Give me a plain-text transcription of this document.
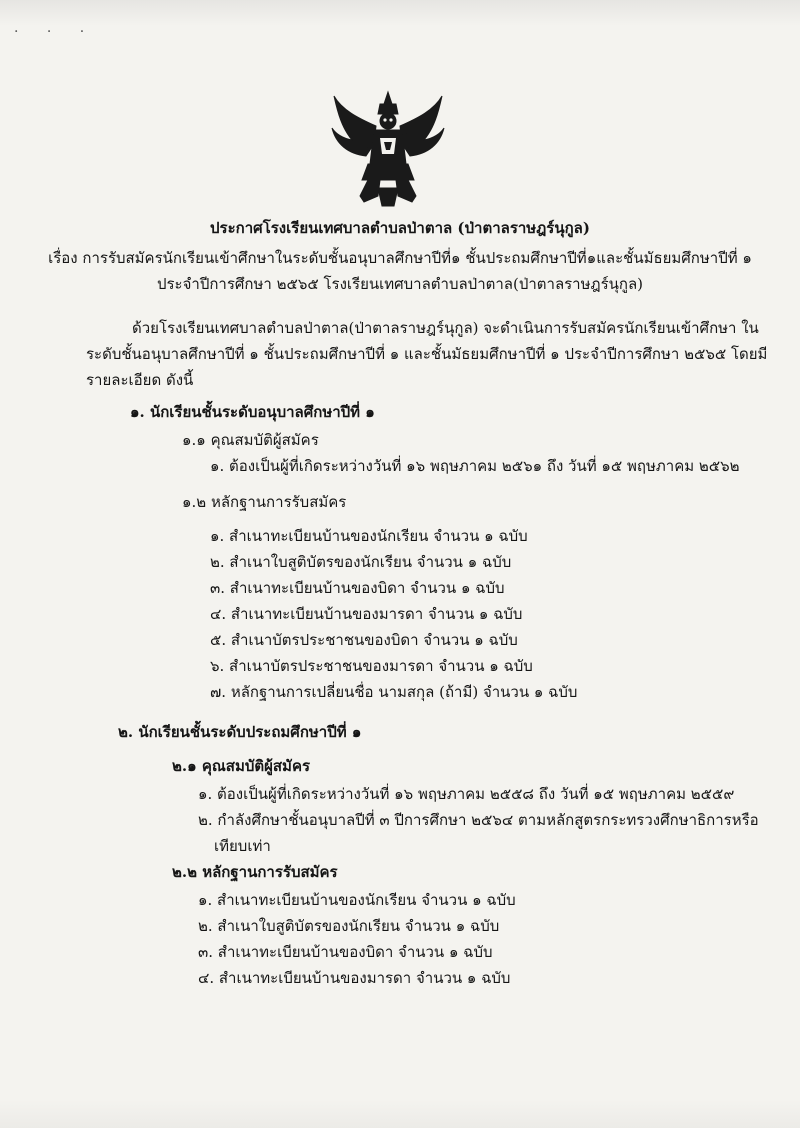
· · ·
ประกาศโรงเรียนเทศบาลตำบลป่าตาล (ป่าตาลราษฎร์นุกูล)
เรื่อง การรับสมัครนักเรียนเข้าศึกษาในระดับชั้นอนุบาลศึกษาปีที่๑ ชั้นประถมศึกษาปีที่๑และชั้นมัธยมศึกษาปีที่ ๑
ประจำปีการศึกษา ๒๕๖๕ โรงเรียนเทศบาลตำบลป่าตาล(ป่าตาลราษฎร์นุกูล)
ด้วยโรงเรียนเทศบาลตำบลป่าตาล(ป่าตาลราษฎร์นุกูล) จะดำเนินการรับสมัครนักเรียนเข้าศึกษา ใน
ระดับชั้นอนุบาลศึกษาปีที่ ๑ ชั้นประถมศึกษาปีที่ ๑ และชั้นมัธยมศึกษาปีที่ ๑ ประจำปีการศึกษา ๒๕๖๕ โดยมี
รายละเอียด ดังนี้
๑. นักเรียนชั้นระดับอนุบาลศึกษาปีที่ ๑
๑.๑ คุณสมบัติผู้สมัคร
๑. ต้องเป็นผู้ที่เกิดระหว่างวันที่ ๑๖ พฤษภาคม ๒๕๖๑ ถึง วันที่ ๑๕ พฤษภาคม ๒๕๖๒
๑.๒ หลักฐานการรับสมัคร
๑. สำเนาทะเบียนบ้านของนักเรียน จำนวน ๑ ฉบับ
๒. สำเนาใบสูติบัตรของนักเรียน จำนวน ๑ ฉบับ
๓. สำเนาทะเบียนบ้านของบิดา จำนวน ๑ ฉบับ
๔. สำเนาทะเบียนบ้านของมารดา จำนวน ๑ ฉบับ
๕. สำเนาบัตรประชาชนของบิดา จำนวน ๑ ฉบับ
๖. สำเนาบัตรประชาชนของมารดา จำนวน ๑ ฉบับ
๗. หลักฐานการเปลี่ยนชื่อ นามสกุล (ถ้ามี) จำนวน ๑ ฉบับ
๒. นักเรียนชั้นระดับประถมศึกษาปีที่ ๑
๒.๑ คุณสมบัติผู้สมัคร
๑. ต้องเป็นผู้ที่เกิดระหว่างวันที่ ๑๖ พฤษภาคม ๒๕๕๘ ถึง วันที่ ๑๕ พฤษภาคม ๒๕๕๙
๒. กำลังศึกษาชั้นอนุบาลปีที่ ๓ ปีการศึกษา ๒๕๖๔ ตามหลักสูตรกระทรวงศึกษาธิการหรือ
เทียบเท่า
๒.๒ หลักฐานการรับสมัคร
๑. สำเนาทะเบียนบ้านของนักเรียน จำนวน ๑ ฉบับ
๒. สำเนาใบสูติบัตรของนักเรียน จำนวน ๑ ฉบับ
๓. สำเนาทะเบียนบ้านของบิดา จำนวน ๑ ฉบับ
๔. สำเนาทะเบียนบ้านของมารดา จำนวน ๑ ฉบับ
